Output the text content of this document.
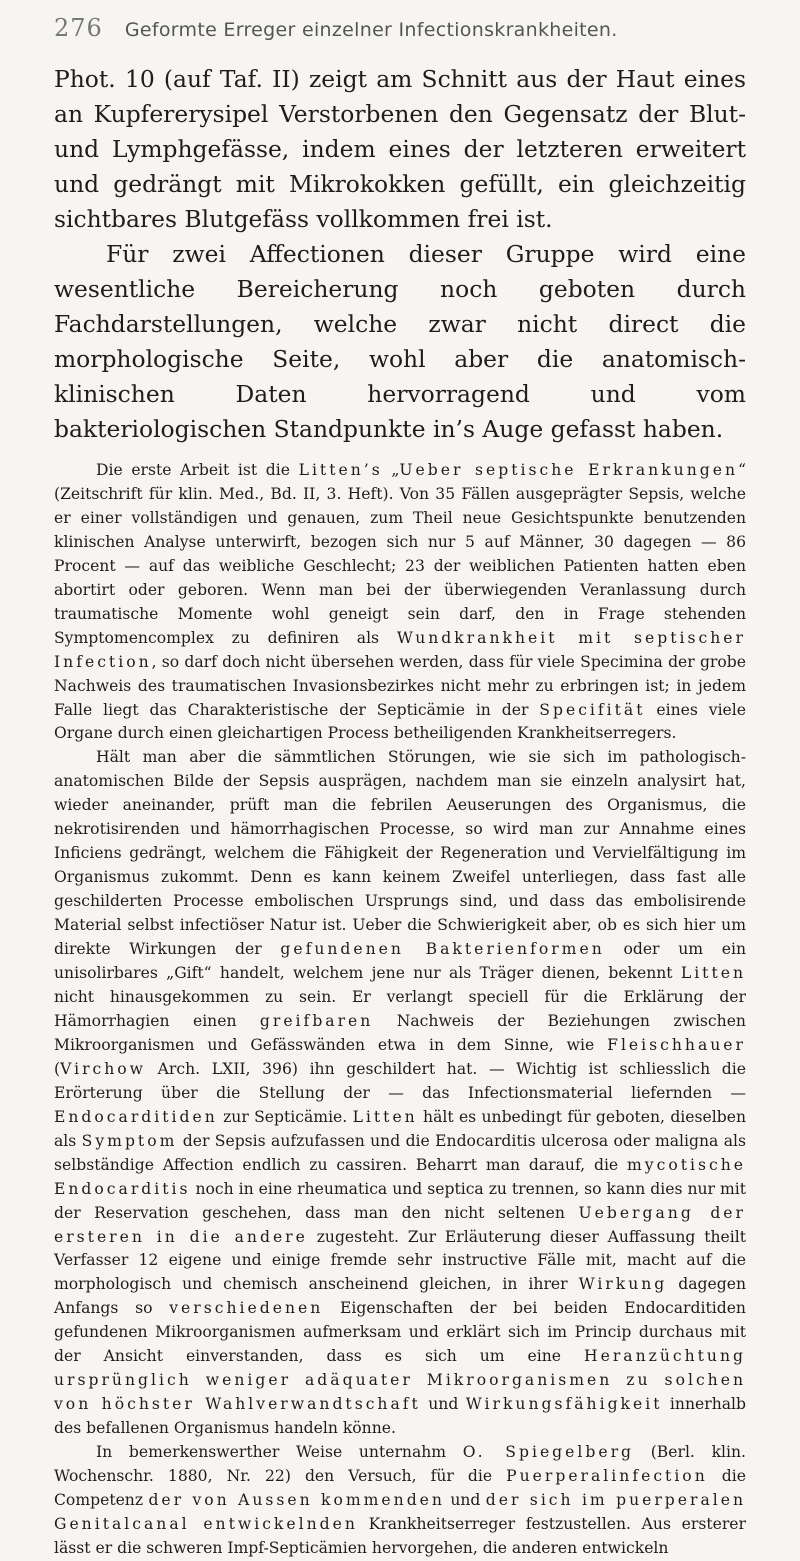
276 Geformte Erreger einzelner Infectionskrankheiten.

Phot. 10 (auf Taf. II) zeigt am Schnitt aus der Haut eines an Kupfererysipel Verstorbenen den Gegensatz der Blut- und Lymphgefässe, indem eines der letzteren erweitert und gedrängt mit Mikrokokken gefüllt, ein gleichzeitig sichtbares Blutgefäss vollkommen frei ist.

Für zwei Affectionen dieser Gruppe wird eine wesentliche Bereicherung noch geboten durch Fachdarstellungen, welche zwar nicht direct die morphologische Seite, wohl aber die anatomisch-klinischen Daten hervorragend und vom bakteriologischen Standpunkte in’s Auge gefasst haben.

Die erste Arbeit ist die Litten’s „Ueber septische Erkrankungen“ (Zeitschrift für klin. Med., Bd. II, 3. Heft). Von 35 Fällen ausgeprägter Sepsis, welche er einer vollständigen und genauen, zum Theil neue Gesichtspunkte benutzenden klinischen Analyse unterwirft, bezogen sich nur 5 auf Männer, 30 dagegen — 86 Procent — auf das weibliche Geschlecht; 23 der weiblichen Patienten hatten eben abortirt oder geboren. Wenn man bei der überwiegenden Veranlassung durch traumatische Momente wohl geneigt sein darf, den in Frage stehenden Symptomencomplex zu definiren als Wundkrankheit mit septischer Infection, so darf doch nicht übersehen werden, dass für viele Specimina der grobe Nachweis des traumatischen Invasionsbezirkes nicht mehr zu erbringen ist; in jedem Falle liegt das Charakteristische der Septicämie in der Specifität eines viele Organe durch einen gleichartigen Process betheiligenden Krankheitserregers.

Hält man aber die sämmtlichen Störungen, wie sie sich im pathologisch-anatomischen Bilde der Sepsis ausprägen, nachdem man sie einzeln analysirt hat, wieder aneinander, prüft man die febrilen Aeuserungen des Organismus, die nekrotisirenden und hämorrhagischen Processe, so wird man zur Annahme eines Inficiens gedrängt, welchem die Fähigkeit der Regeneration und Vervielfältigung im Organismus zukommt. Denn es kann keinem Zweifel unterliegen, dass fast alle geschilderten Processe embolischen Ursprungs sind, und dass das embolisirende Material selbst infectiöser Natur ist. Ueber die Schwierigkeit aber, ob es sich hier um direkte Wirkungen der gefundenen Bakterienformen oder um ein unisolirbares „Gift“ handelt, welchem jene nur als Träger dienen, bekennt Litten nicht hinausgekommen zu sein. Er verlangt speciell für die Erklärung der Hämorrhagien einen greifbaren Nachweis der Beziehungen zwischen Mikroorganismen und Gefässwänden etwa in dem Sinne, wie Fleischhauer (Virchow Arch. LXII, 396) ihn geschildert hat. — Wichtig ist schliesslich die Erörterung über die Stellung der — das Infectionsmaterial liefernden — Endocarditiden zur Septicämie. Litten hält es unbedingt für geboten, dieselben als Symptom der Sepsis aufzufassen und die Endocarditis ulcerosa oder maligna als selbständige Affection endlich zu cassiren. Beharrt man darauf, die mycotische Endocarditis noch in eine rheumatica und septica zu trennen, so kann dies nur mit der Reservation geschehen, dass man den nicht seltenen Uebergang der ersteren in die andere zugesteht. Zur Erläuterung dieser Auffassung theilt Verfasser 12 eigene und einige fremde sehr instructive Fälle mit, macht auf die morphologisch und chemisch anscheinend gleichen, in ihrer Wirkung dagegen Anfangs so verschiedenen Eigenschaften der bei beiden Endocarditiden gefundenen Mikroorganismen aufmerksam und erklärt sich im Princip durchaus mit der Ansicht einverstanden, dass es sich um eine Heranzüchtung ursprünglich weniger adäquater Mikroorganismen zu solchen von höchster Wahlverwandtschaft und Wirkungsfähigkeit innerhalb des befallenen Organismus handeln könne.

In bemerkenswerther Weise unternahm O. Spiegelberg (Berl. klin. Wochenschr. 1880, Nr. 22) den Versuch, für die Puerperalinfection die Competenz der von Aussen kommenden und der sich im puerperalen Genitalcanal entwickelnden Krankheitserreger festzustellen. Aus ersterer lässt er die schweren Impf-Septicämien hervorgehen, die anderen entwickeln
